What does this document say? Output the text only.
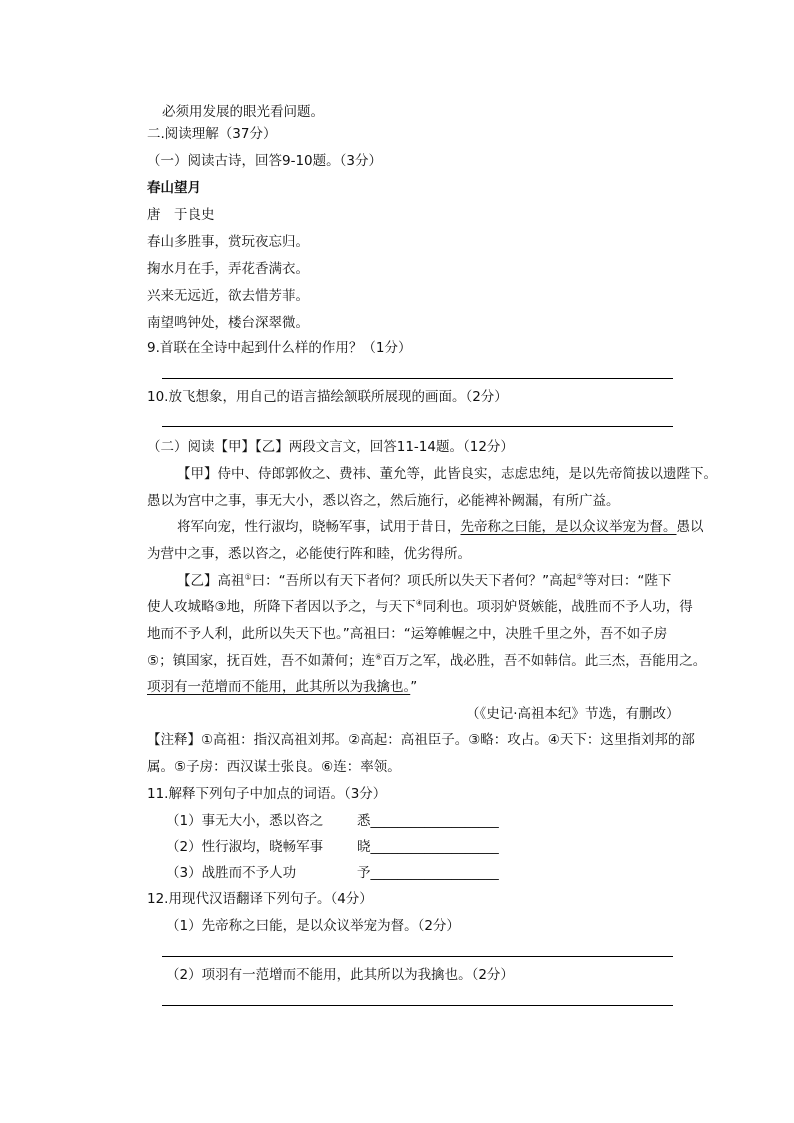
必须用发展的眼光看问题。
二.阅读理解（37分）
（一）阅读古诗，回答9-10题。（3分）
春山望月
唐　于良史
春山多胜事，赏玩夜忘归。
掬水月在手，弄花香满衣。
兴来无远近，欲去惜芳菲。
南望鸣钟处，楼台深翠微。
9.首联在全诗中起到什么样的作用？（1分）
10.放飞想象，用自己的语言描绘颔联所展现的画面。（2分）
（二）阅读【甲】【乙】两段文言文，回答11-14题。（12分）
【甲】侍中、侍郎郭攸之、费祎、董允等，此皆良实，志虑忠纯，是以先帝简拔以遗陛下。
愚以为宫中之事，事无大小，悉以咨之，然后施行，必能裨补阙漏，有所广益。
将军向宠，性行淑均，晓畅军事，试用于昔日，先帝称之曰能，是以众议举宠为督。愚以
为营中之事，悉以咨之，必能使行阵和睦，优劣得所。
【乙】高祖①曰：“吾所以有天下者何？项氏所以失天下者何？”高起②等对曰：“陛下
使人攻城略③地，所降下者因以予之，与天下④同利也。项羽妒贤嫉能，战胜而不予人功，得
地而不予人利，此所以失天下也。”高祖曰：“运筹帷幄之中，决胜千里之外，吾不如子房
⑤；镇国家，抚百姓，吾不如萧何；连⑥百万之军，战必胜，吾不如韩信。此三杰，吾能用之。
项羽有一范增而不能用，此其所以为我擒也。”
（《史记·高祖本纪》节选，有删改）
【注释】①高祖：指汉高祖刘邦。②高起：高祖臣子。③略：攻占。④天下：这里指刘邦的部
属。⑤子房：西汉谋士张良。⑥连：率领。
11.解释下列句子中加点的词语。（3分）
（1）事无大小，悉以咨之	悉___________________
（2）性行淑均，晓畅军事	晓___________________
（3）战胜而不予人功	予___________________
12.用现代汉语翻译下列句子。（4分）
（1）先帝称之曰能，是以众议举宠为督。（2分）
（2）项羽有一范增而不能用，此其所以为我擒也。（2分）
